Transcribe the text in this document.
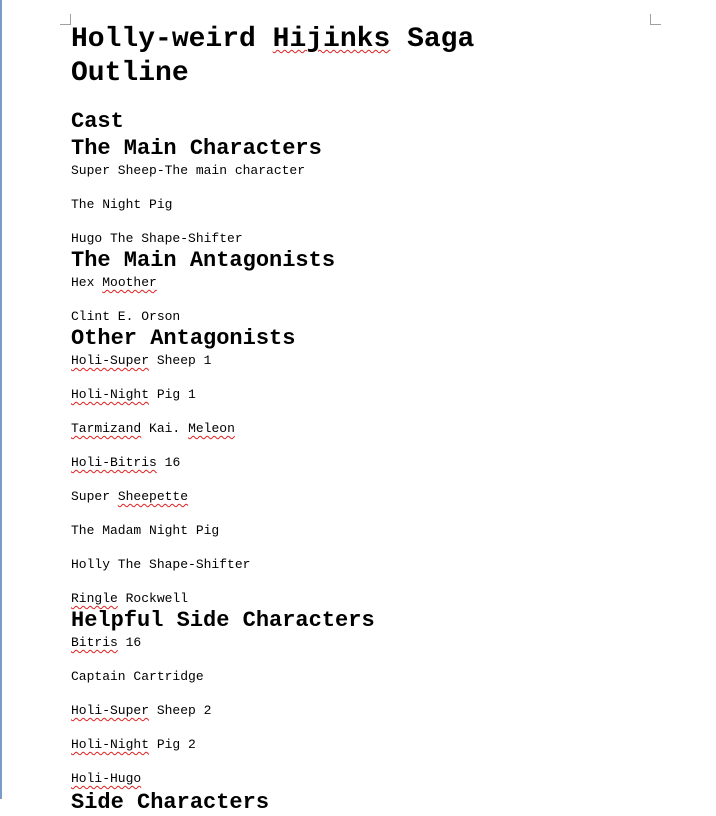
Holly-weird Hijinks Saga
Outline
Cast
The Main Characters
Super Sheep-The main character
The Night Pig
Hugo The Shape-Shifter
The Main Antagonists
Hex Moother
Clint E. Orson
Other Antagonists
Holi-Super Sheep 1
Holi-Night Pig 1
Tarmizand Kai. Meleon
Holi-Bitris 16
Super Sheepette
The Madam Night Pig
Holly The Shape-Shifter
Ringle Rockwell
Helpful Side Characters
Bitris 16
Captain Cartridge
Holi-Super Sheep 2
Holi-Night Pig 2
Holi-Hugo
Side Characters
